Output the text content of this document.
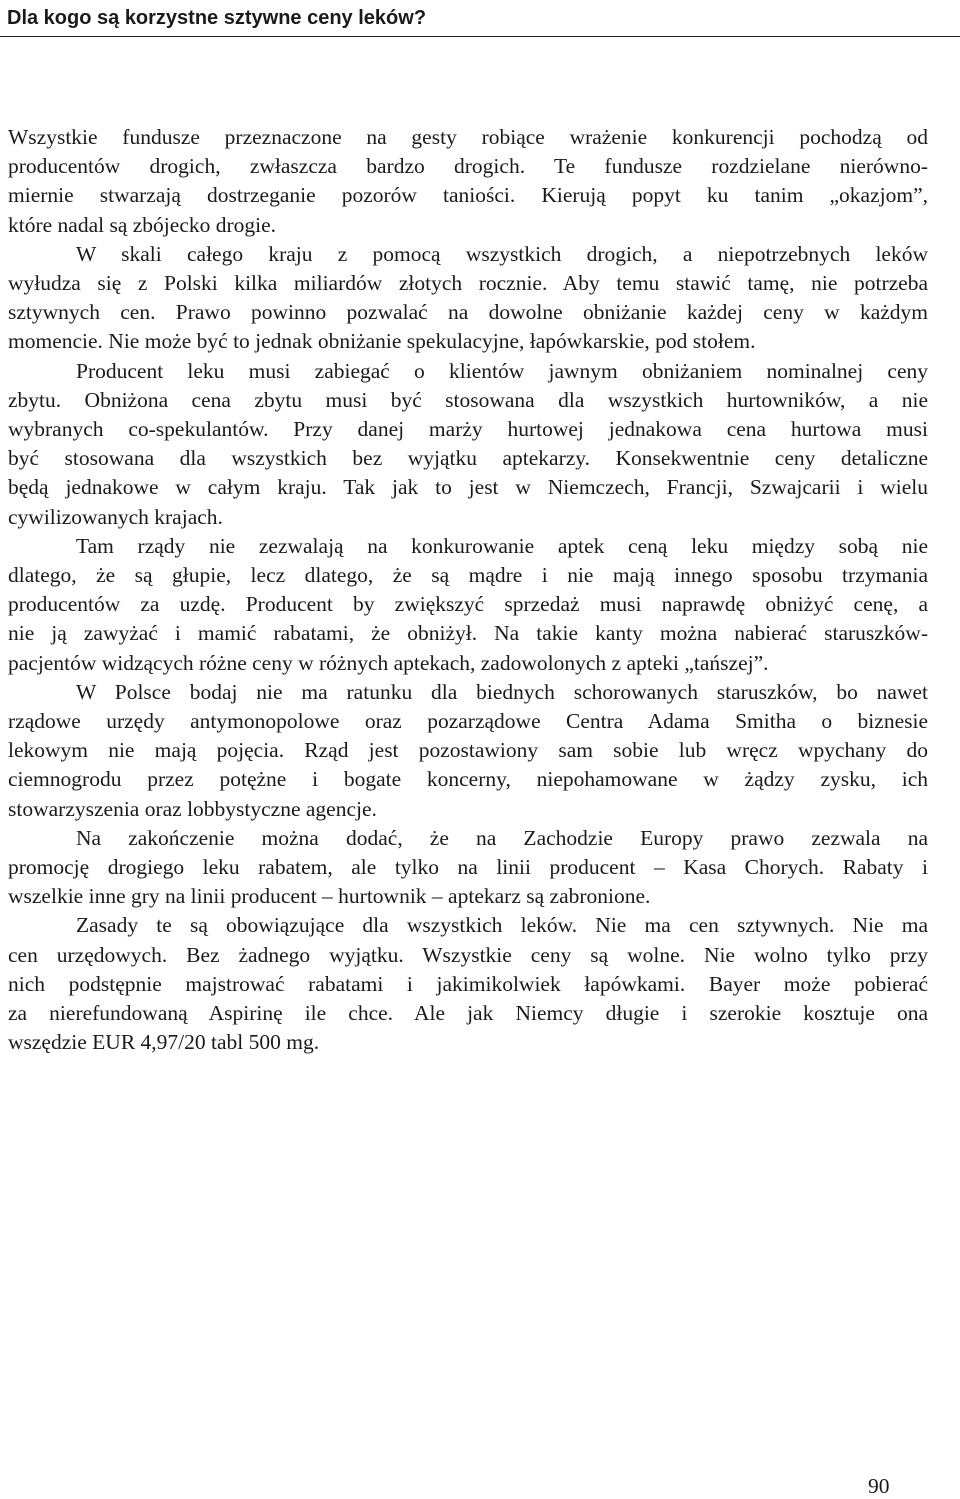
Dla kogo są korzystne sztywne ceny leków?
Wszystkie fundusze przeznaczone na gesty robiące wrażenie konkurencji pochodzą od
producentów drogich, zwłaszcza bardzo drogich. Te fundusze rozdzielane nierówno-
miernie stwarzają dostrzeganie pozorów taniości. Kierują popyt ku tanim „okazjom”,
które nadal są zbójecko drogie.
W skali całego kraju z pomocą wszystkich drogich, a niepotrzebnych leków
wyłudza się z Polski kilka miliardów złotych rocznie. Aby temu stawić tamę, nie potrzeba
sztywnych cen. Prawo powinno pozwalać na dowolne obniżanie każdej ceny w każdym
momencie. Nie może być to jednak obniżanie spekulacyjne, łapówkarskie, pod stołem.
Producent leku musi zabiegać o klientów jawnym obniżaniem nominalnej ceny
zbytu. Obniżona cena zbytu musi być stosowana dla wszystkich hurtowników, a nie
wybranych co-spekulantów. Przy danej marży hurtowej jednakowa cena hurtowa musi
być stosowana dla wszystkich bez wyjątku aptekarzy. Konsekwentnie ceny detaliczne
będą jednakowe w całym kraju. Tak jak to jest w Niemczech, Francji, Szwajcarii i wielu
cywilizowanych krajach.
Tam rządy nie zezwalają na konkurowanie aptek ceną leku między sobą nie
dlatego, że są głupie, lecz dlatego, że są mądre i nie mają innego sposobu trzymania
producentów za uzdę. Producent by zwiększyć sprzedaż musi naprawdę obniżyć cenę, a
nie ją zawyżać i mamić rabatami, że obniżył. Na takie kanty można nabierać staruszków-
pacjentów widzących różne ceny w różnych aptekach, zadowolonych z apteki „tańszej”.
W Polsce bodaj nie ma ratunku dla biednych schorowanych staruszków, bo nawet
rządowe urzędy antymonopolowe oraz pozarządowe Centra Adama Smitha o biznesie
lekowym nie mają pojęcia. Rząd jest pozostawiony sam sobie lub wręcz wpychany do
ciemnogrodu przez potężne i bogate koncerny, niepohamowane w żądzy zysku, ich
stowarzyszenia oraz lobbystyczne agencje.
Na zakończenie można dodać, że na Zachodzie Europy prawo zezwala na
promocję drogiego leku rabatem, ale tylko na linii producent – Kasa Chorych. Rabaty i
wszelkie inne gry na linii producent – hurtownik – aptekarz są zabronione.
Zasady te są obowiązujące dla wszystkich leków. Nie ma cen sztywnych. Nie ma
cen urzędowych. Bez żadnego wyjątku. Wszystkie ceny są wolne. Nie wolno tylko przy
nich podstępnie majstrować rabatami i jakimikolwiek łapówkami. Bayer może pobierać
za nierefundowaną Aspirinę ile chce. Ale jak Niemcy długie i szerokie kosztuje ona
wszędzie EUR 4,97/20 tabl 500 mg.
90
